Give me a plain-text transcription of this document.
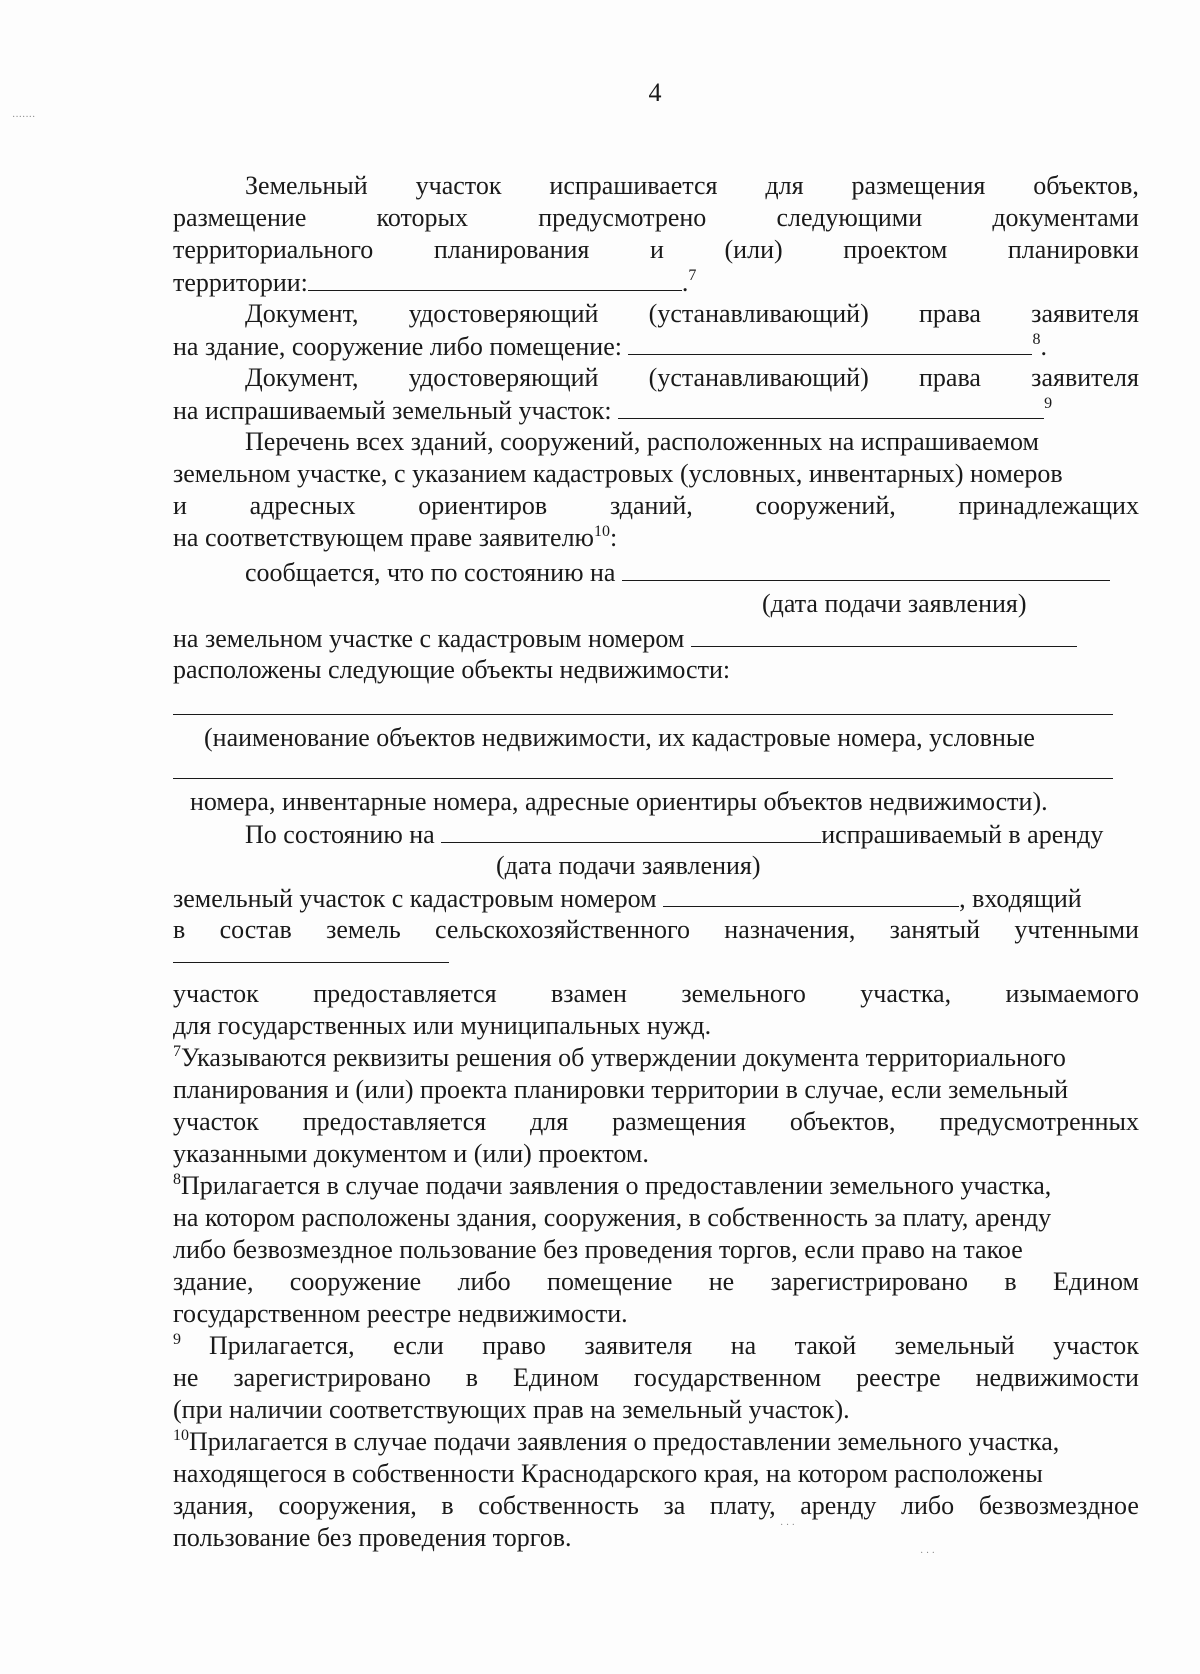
4
Земельный участок испрашивается для размещения объектов,
размещение	которых	предусмотрено	следующими	документами
территориального планирования и (или) проектом планировки
территории:	.$^7$
Документ, удостоверяющий (устанавливающий) права заявителя
на здание, сооружение либо помещение:	$^8$.
Документ, удостоверяющий (устанавливающий) права заявителя
на испрашиваемый земельный участок:	$^9$
Перечень всех зданий, сооружений, расположенных на испрашиваемом
земельном участке, с указанием кадастровых (условных, инвентарных) номеров
и адресных ориентиров зданий, сооружений, принадлежащих
на соответствующем праве заявителю$^{10}$:
сообщается, что по состоянию на
(дата подачи заявления)
на земельном участке с кадастровым номером
расположены следующие объекты недвижимости:
(наименование объектов недвижимости, их кадастровые номера, условные
номера, инвентарные номера, адресные ориентиры объектов недвижимости).
По состоянию на	испрашиваемый в аренду
(дата подачи заявления)
земельный участок с кадастровым номером	, входящий
в состав земель сельскохозяйственного назначения, занятый учтенными
участок предоставляется взамен земельного участка, изымаемого
для государственных или муниципальных нужд.
$^7$Указываются реквизиты решения об утверждении документа территориального
планирования и (или) проекта планировки территории в случае, если земельный
участок предоставляется для размещения объектов, предусмотренных
указанными документом и (или) проектом.
$^8$Прилагается в случае подачи заявления о предоставлении земельного участка,
на котором расположены здания, сооружения, в собственность за плату, аренду
либо безвозмездное пользование без проведения торгов, если право на такое
здание, сооружение либо помещение не зарегистрировано в Едином
государственном реестре недвижимости.
$^9$	Прилагается, если право заявителя на такой земельный участок
не зарегистрировано в Едином государственном реестре недвижимости
(при наличии соответствующих прав на земельный участок).
$^{10}$Прилагается в случае подачи заявления о предоставлении земельного участка,
находящегося в собственности Краснодарского края, на котором расположены
здания, сооружения, в собственность за плату, аренду либо безвозмездное
пользование без проведения торгов.
·······
· · ·
· · ·
